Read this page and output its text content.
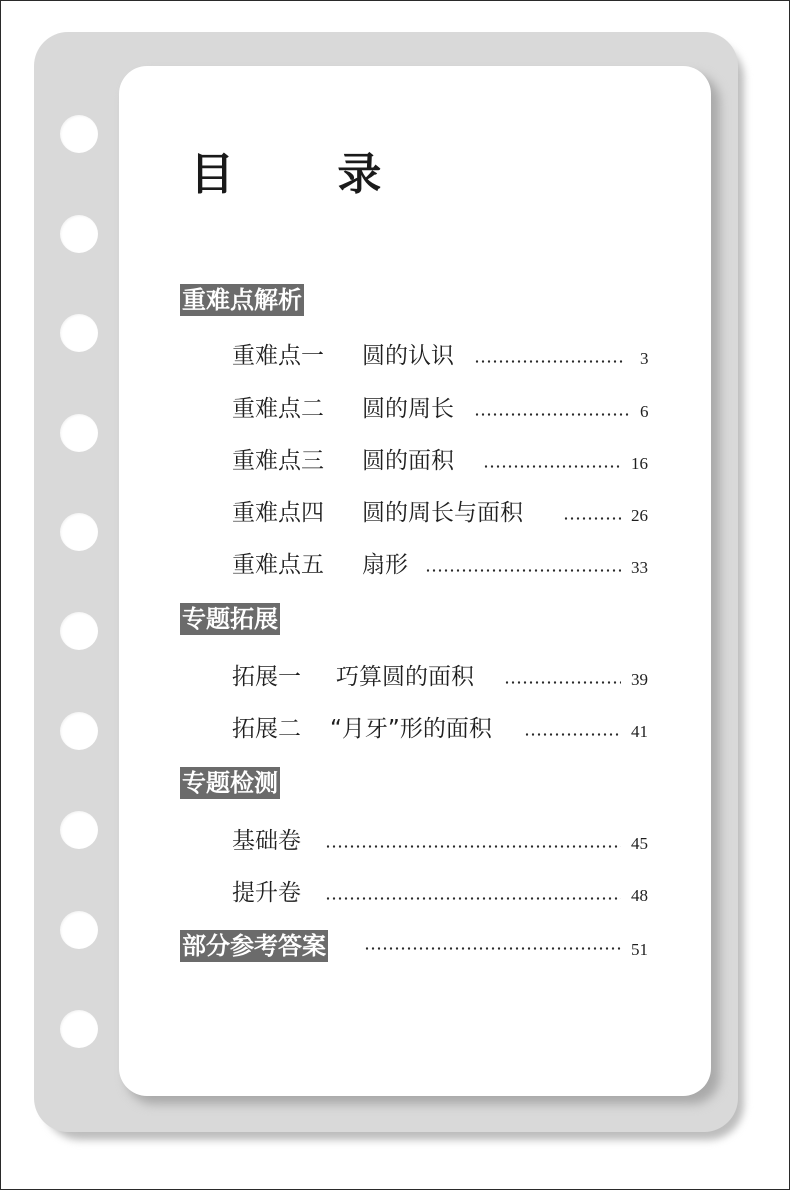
目 录
重难点解析
重难点一 圆的认识	3
重难点二 圆的周长	6
重难点三 圆的面积	16
重难点四 圆的周长与面积	26
重难点五 扇形	33
专题拓展
拓展一 巧算圆的面积	39
拓展二 “月牙”形的面积	41
专题检测
基础卷	45
提升卷	48
部分参考答案	51
